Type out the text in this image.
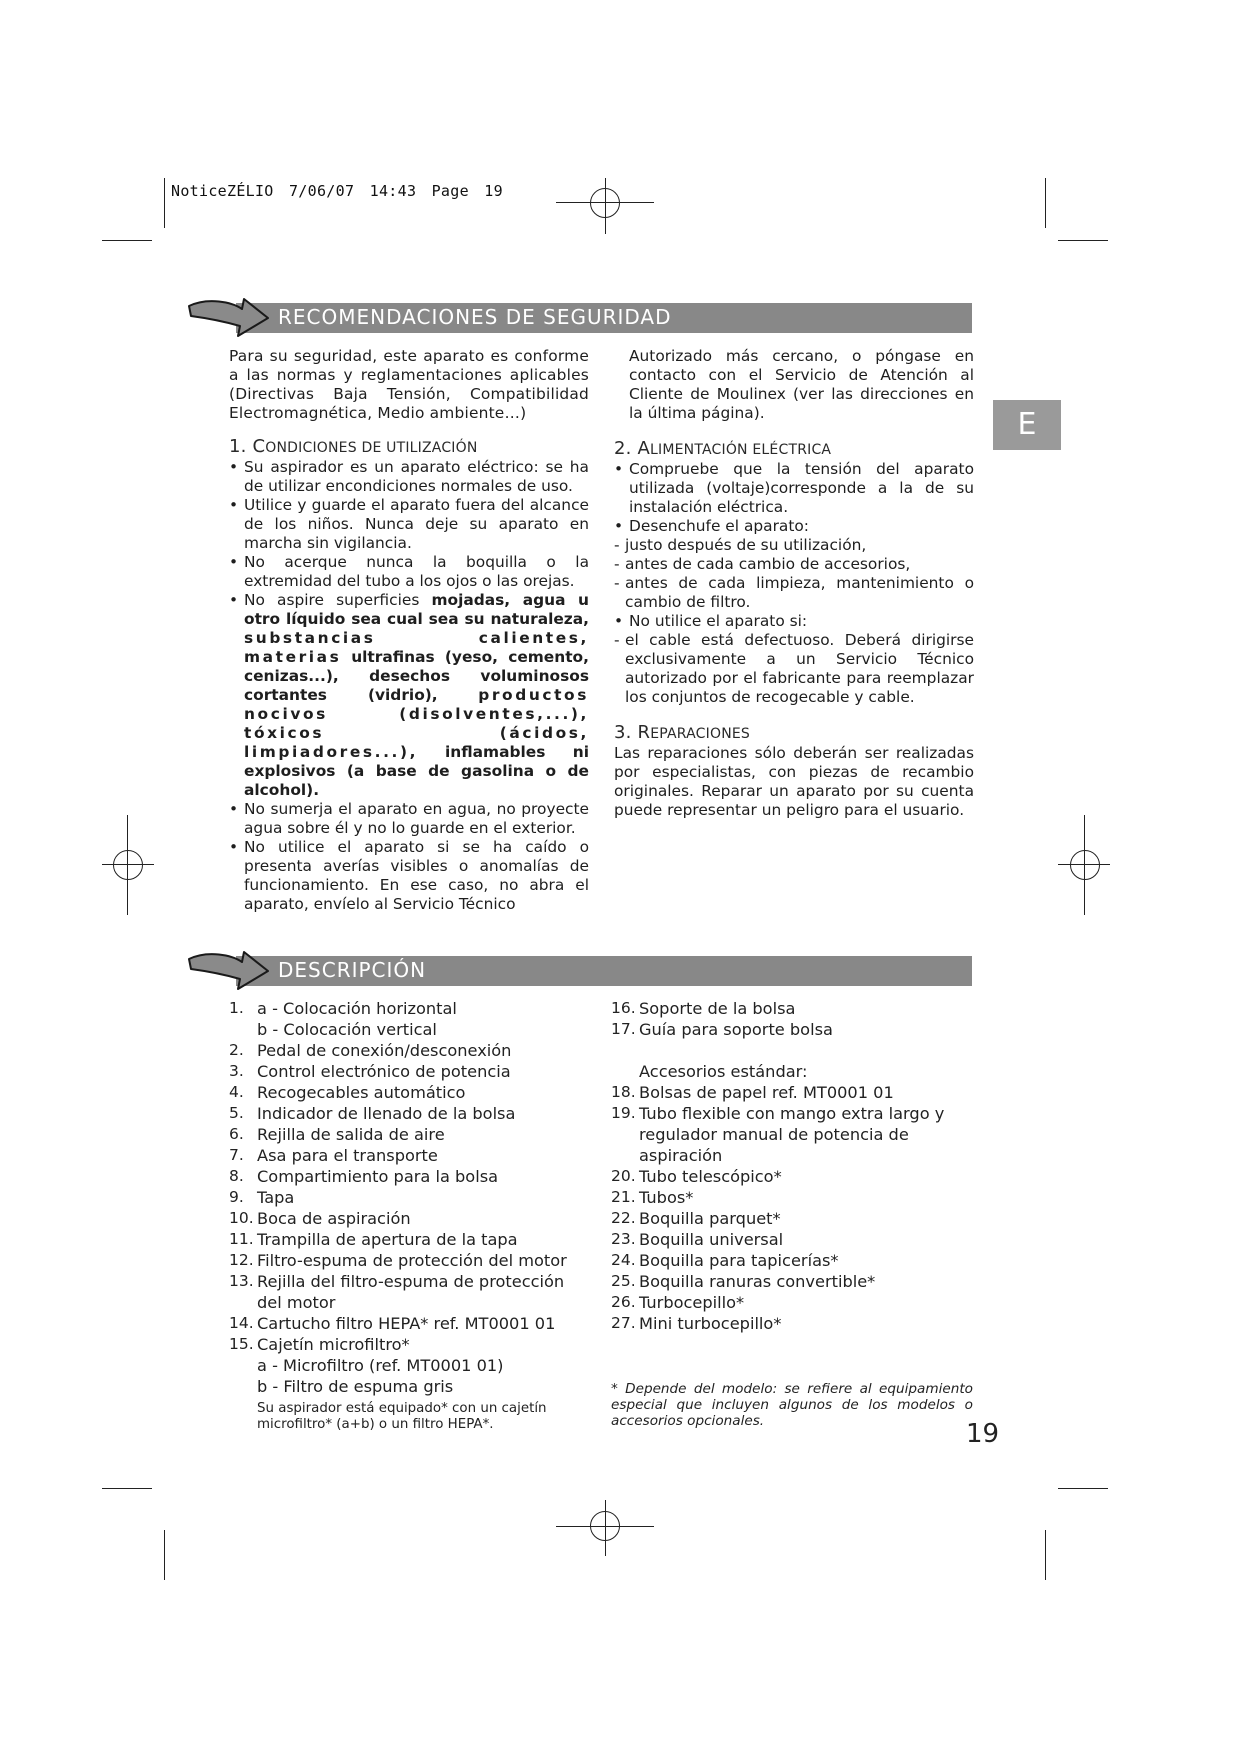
NoticeZÉLIO 7/06/07 14:43 Page 19
E
RECOMENDACIONES DE SEGURIDAD
Para su seguridad, este aparato es conforme a las normas y reglamentaciones aplicables (Directivas Baja Tensión, Compatibilidad Electromagnética, Medio ambiente…)
1. CONDICIONES DE UTILIZACIÓN
• Su aspirador es un aparato eléctrico: se ha de utilizar encondiciones normales de uso.
• Utilice y guarde el aparato fuera del alcance de los niños. Nunca deje su aparato en marcha sin vigilancia.
• No acerque nunca la boquilla o la extremidad del tubo a los ojos o las orejas.
• No aspire superficies mojadas, agua u otro líquido sea cual sea su naturaleza, substancias calientes, materias ultrafinas (yeso, cemento, cenizas...), desechos voluminosos cortantes (vidrio),	productos nocivos (disolventes,...), tóxicos (ácidos, limpiadores...), inflamables ni explosivos (a base de gasolina o de alcohol).
• No sumerja el aparato en agua, no proyecte agua sobre él y no lo guarde en el exterior.
• No utilice el aparato si se ha caído o presenta averías visibles o anomalías de funcionamiento. En ese caso, no abra el aparato, envíelo al Servicio Técnico
Autorizado más cercano, o póngase en contacto con el Servicio de Atención al Cliente de Moulinex (ver las direcciones en la última página).
2. ALIMENTACIÓN ELÉCTRICA
• Compruebe que la tensión del aparato utilizada (voltaje)corresponde a la de su instalación eléctrica.
• Desenchufe el aparato:
- justo después de su utilización,
- antes de cada cambio de accesorios,
- antes de cada limpieza, mantenimiento o cambio de filtro.
• No utilice el aparato si:
- el cable está defectuoso. Deberá dirigirse exclusivamente a un Servicio Técnico autorizado por el fabricante para reemplazar los conjuntos de recogecable y cable.
3. REPARACIONES
Las reparaciones sólo deberán ser realizadas por especialistas, con piezas de recambio originales. Reparar un aparato por su cuenta puede representar un peligro para el usuario.
DESCRIPCIÓN
1. a - Colocación horizontal
b - Colocación vertical
2. Pedal de conexión/desconexión
3. Control electrónico de potencia
4. Recogecables automático
5. Indicador de llenado de la bolsa
6. Rejilla de salida de aire
7. Asa para el transporte
8. Compartimiento para la bolsa
9. Tapa
10. Boca de aspiración
11. Trampilla de apertura de la tapa
12. Filtro-espuma de protección del motor
13. Rejilla del filtro-espuma de protección
del motor
14. Cartucho filtro HEPA* ref. MT0001 01
15. Cajetín microfiltro*
a - Microfiltro (ref. MT0001 01)
b - Filtro de espuma gris
Su aspirador está equipado* con un cajetín microfiltro* (a+b) o un filtro HEPA*.
16. Soporte de la bolsa
17. Guía para soporte bolsa
Accesorios estándar:
18. Bolsas de papel ref. MT0001 01
19. Tubo flexible con mango extra largo y
regulador manual de potencia de
aspiración
20. Tubo telescópico*
21. Tubos*
22. Boquilla parquet*
23. Boquilla universal
24. Boquilla para tapicerías*
25. Boquilla ranuras convertible*
26. Turbocepillo*
27. Mini turbocepillo*
* Depende del modelo: se refiere al equipamiento especial que incluyen algunos de los modelos o accesorios opcionales.	19
